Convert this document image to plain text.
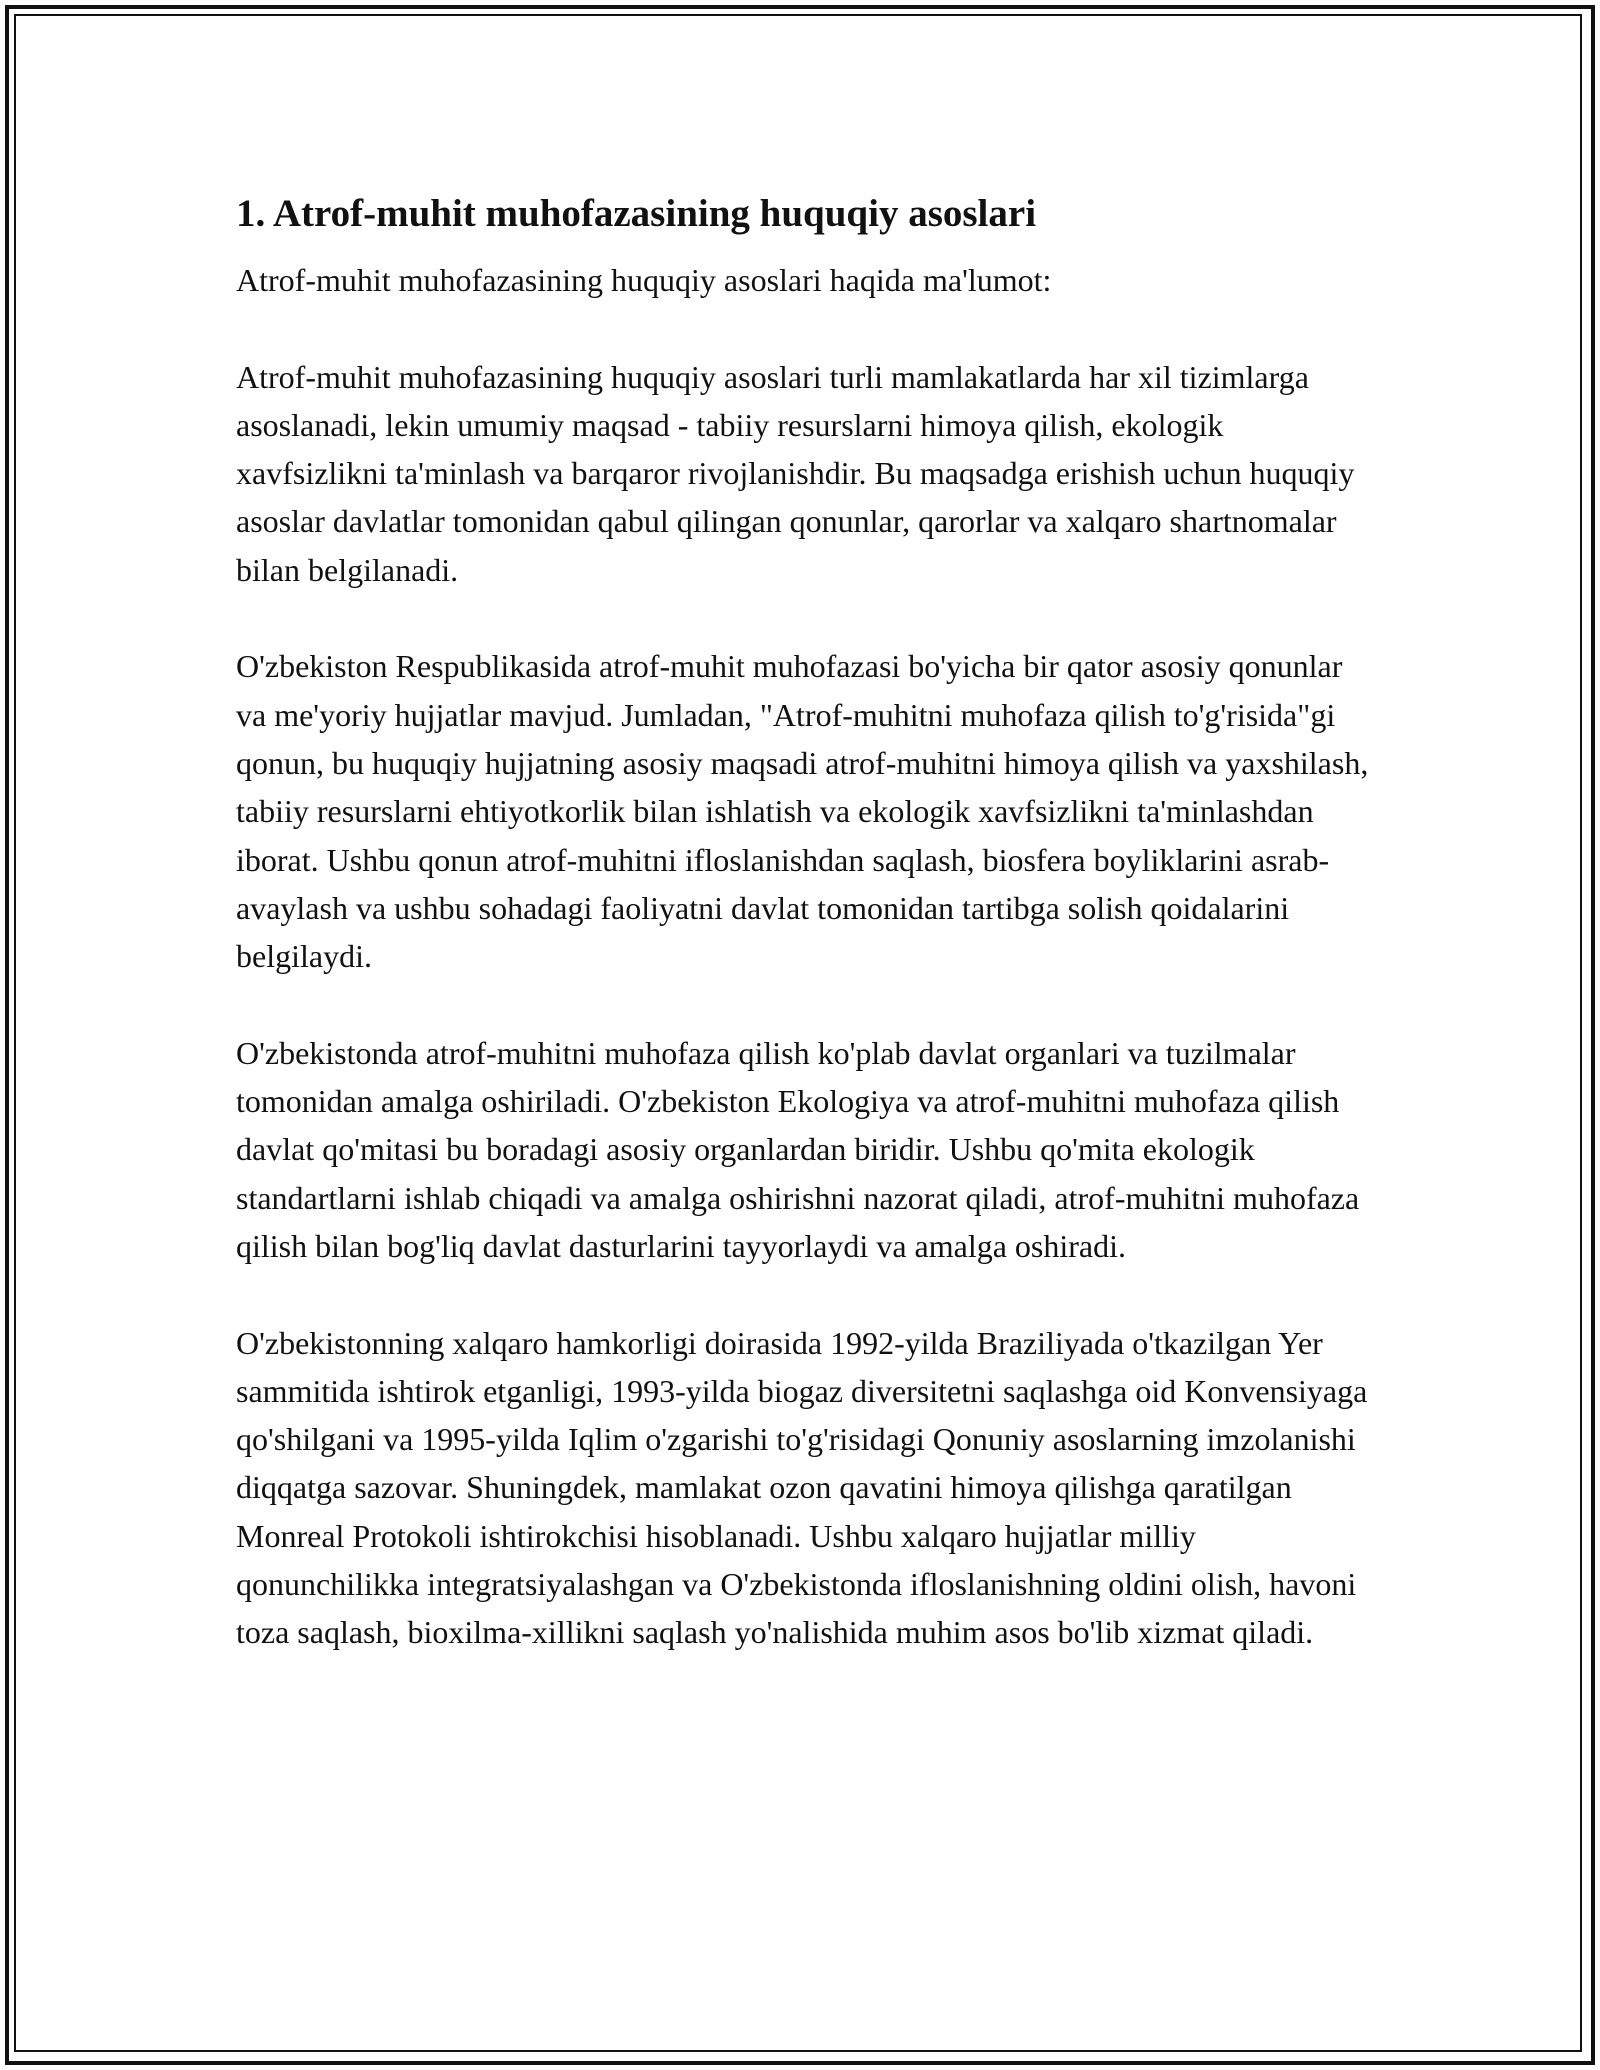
1. Atrof-muhit muhofazasining huquqiy asoslari

Atrof-muhit muhofazasining huquqiy asoslari haqida ma'lumot:

Atrof-muhit muhofazasining huquqiy asoslari turli mamlakatlarda har xil tizimlarga asoslanadi, lekin umumiy maqsad - tabiiy resurslarni himoya qilish, ekologik xavfsizlikni ta'minlash va barqaror rivojlanishdir. Bu maqsadga erishish uchun huquqiy asoslar davlatlar tomonidan qabul qilingan qonunlar, qarorlar va xalqaro shartnomalar bilan belgilanadi.

O'zbekiston Respublikasida atrof-muhit muhofazasi bo'yicha bir qator asosiy qonunlar va me'yoriy hujjatlar mavjud. Jumladan, "Atrof-muhitni muhofaza qilish to'g'risida"gi qonun, bu huquqiy hujjatning asosiy maqsadi atrof-muhitni himoya qilish va yaxshilash, tabiiy resurslarni ehtiyotkorlik bilan ishlatish va ekologik xavfsizlikni ta'minlashdan iborat. Ushbu qonun atrof-muhitni ifloslanishdan saqlash, biosfera boyliklarini asrab-avaylash va ushbu sohadagi faoliyatni davlat tomonidan tartibga solish qoidalarini belgilaydi.

O'zbekistonda atrof-muhitni muhofaza qilish ko'plab davlat organlari va tuzilmalar tomonidan amalga oshiriladi. O'zbekiston Ekologiya va atrof-muhitni muhofaza qilish davlat qo'mitasi bu boradagi asosiy organlardan biridir. Ushbu qo'mita ekologik standartlarni ishlab chiqadi va amalga oshirishni nazorat qiladi, atrof-muhitni muhofaza qilish bilan bog'liq davlat dasturlarini tayyorlaydi va amalga oshiradi.

O'zbekistonning xalqaro hamkorligi doirasida 1992-yilda Braziliyada o'tkazilgan Yer sammitida ishtirok etganligi, 1993-yilda biogaz diversitetni saqlashga oid Konvensiyaga qo'shilgani va 1995-yilda Iqlim o'zgarishi to'g'risidagi Qonuniy asoslarning imzolanishi diqqatga sazovar. Shuningdek, mamlakat ozon qavatini himoya qilishga qaratilgan Monreal Protokoli ishtirokchisi hisoblanadi. Ushbu xalqaro hujjatlar milliy qonunchilikka integratsiyalashgan va O'zbekistonda ifloslanishning oldini olish, havoni toza saqlash, bioxilma-xillikni saqlash yo'nalishida muhim asos bo'lib xizmat qiladi.
